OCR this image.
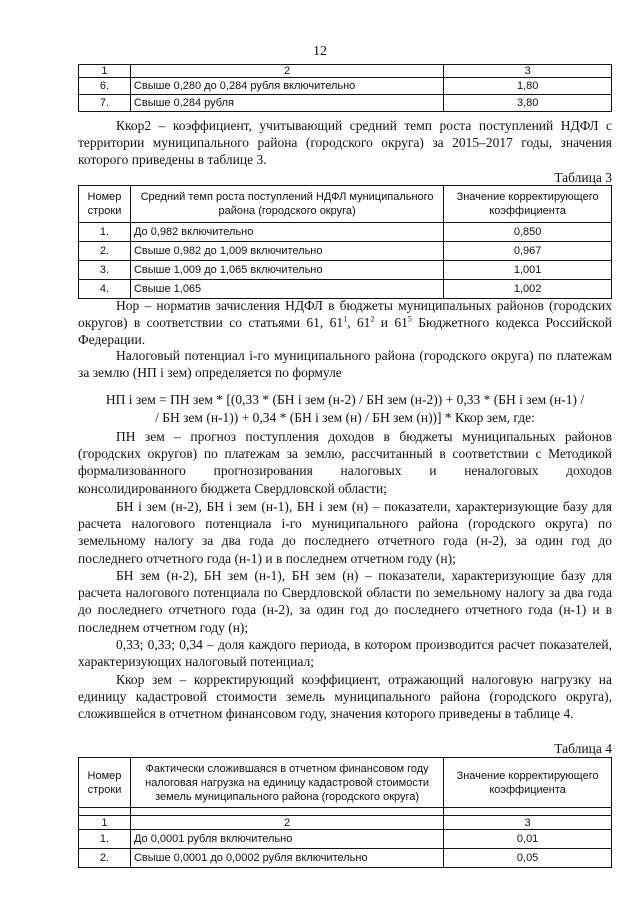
12
1	2	3
6.	Свыше 0,280 до 0,284 рубля включительно	1,80
7.	Свыше 0,284 рубля	3,80
Ккор2 – коэффициент, учитывающий средний темп роста поступлений НДФЛ с территории муниципального района (городского округа) за 2015–2017 годы, значения которого приведены в таблице 3.
Таблица 3
Номер строки	Средний темп роста поступлений НДФЛ муниципального района (городского округа)	Значение корректирующего коэффициента
1.	До 0,982 включительно	0,850
2.	Свыше 0,982 до 1,009 включительно	0,967
3.	Свыше 1,009 до 1,065 включительно	1,001
4.	Свыше 1,065	1,002
Нор – норматив зачисления НДФЛ в бюджеты муниципальных районов (городских округов) в соответствии со статьями 61, $61^1$, $61^2$ и $61^5$ Бюджетного кодекса Российской Федерации.
Налоговый потенциал i-го муниципального района (городского округа) по платежам за землю (НП i зем) определяется по формуле
НП i зем = ПН зем * [(0,33 * (БН i зем (н-2) / БН зем (н-2)) + 0,33 * (БН i зем (н-1) /
/ БН зем (н-1)) + 0,34 * (БН i зем (н) / БН зем (н))] * Ккор зем, где:
ПН зем – прогноз поступления доходов в бюджеты муниципальных районов (городских округов) по платежам за землю, рассчитанный в соответствии с Методикой формализованного прогнозирования налоговых и неналоговых доходов консолидированного бюджета Свердловской области;
БН i зем (н-2), БН i зем (н-1), БН i зем (н) – показатели, характеризующие базу для расчета налогового потенциала i-го муниципального района (городского округа) по земельному налогу за два года до последнего отчетного года (н-2), за один год до последнего отчетного года (н-1) и в последнем отчетном году (н);
БН зем (н-2), БН зем (н-1), БН зем (н) – показатели, характеризующие базу для расчета налогового потенциала по Свердловской области по земельному налогу за два года до последнего отчетного года (н-2), за один год до последнего отчетного года (н-1) и в последнем отчетном году (н);
0,33; 0,33; 0,34 – доля каждого периода, в котором производится расчет показателей, характеризующих налоговый потенциал;
Ккор зем – корректирующий коэффициент, отражающий налоговую нагрузку на единицу кадастровой стоимости земель муниципального района (городского округа), сложившейся в отчетном финансовом году, значения которого приведены в таблице 4.
Таблица 4
Номер строки	Фактически сложившаяся в отчетном финансовом году налоговая нагрузка на единицу кадастровой стоимости земель муниципального района (городского округа)	Значение корректирующего коэффициента

1	2	3
1.	До 0,0001 рубля включительно	0,01
2.	Свыше 0,0001 до 0,0002 рубля включительно	0,05
